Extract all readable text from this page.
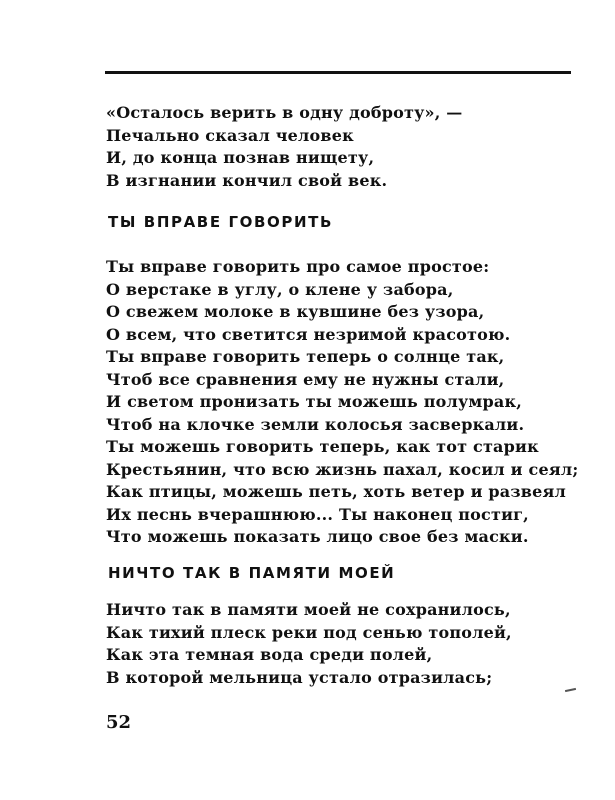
«Осталось верить в одну доброту», —
Печально сказал человек
И, до конца познав нищету,
В изгнании кончил свой век.
ТЫ ВПРАВЕ ГОВОРИТЬ
Ты вправе говорить про самое простое:
О верстаке в углу, о клене у забора,
О свежем молоке в кувшине без узора,
О всем, что светится незримой красотою.
Ты вправе говорить теперь о солнце так,
Чтоб все сравнения ему не нужны стали,
И светом пронизать ты можешь полумрак,
Чтоб на клочке земли колосья засверкали.
Ты можешь говорить теперь, как тот старик
Крестьянин, что всю жизнь пахал, косил и сеял;
Как птицы, можешь петь, хоть ветер и развеял
Их песнь вчерашнюю... Ты наконец постиг,
Что можешь показать лицо свое без маски.
НИЧТО ТАК В ПАМЯТИ МОЕЙ
Ничто так в памяти моей не сохранилось,
Как тихий плеск реки под сенью тополей,
Как эта темная вода среди полей,
В которой мельница устало отразилась;
52
